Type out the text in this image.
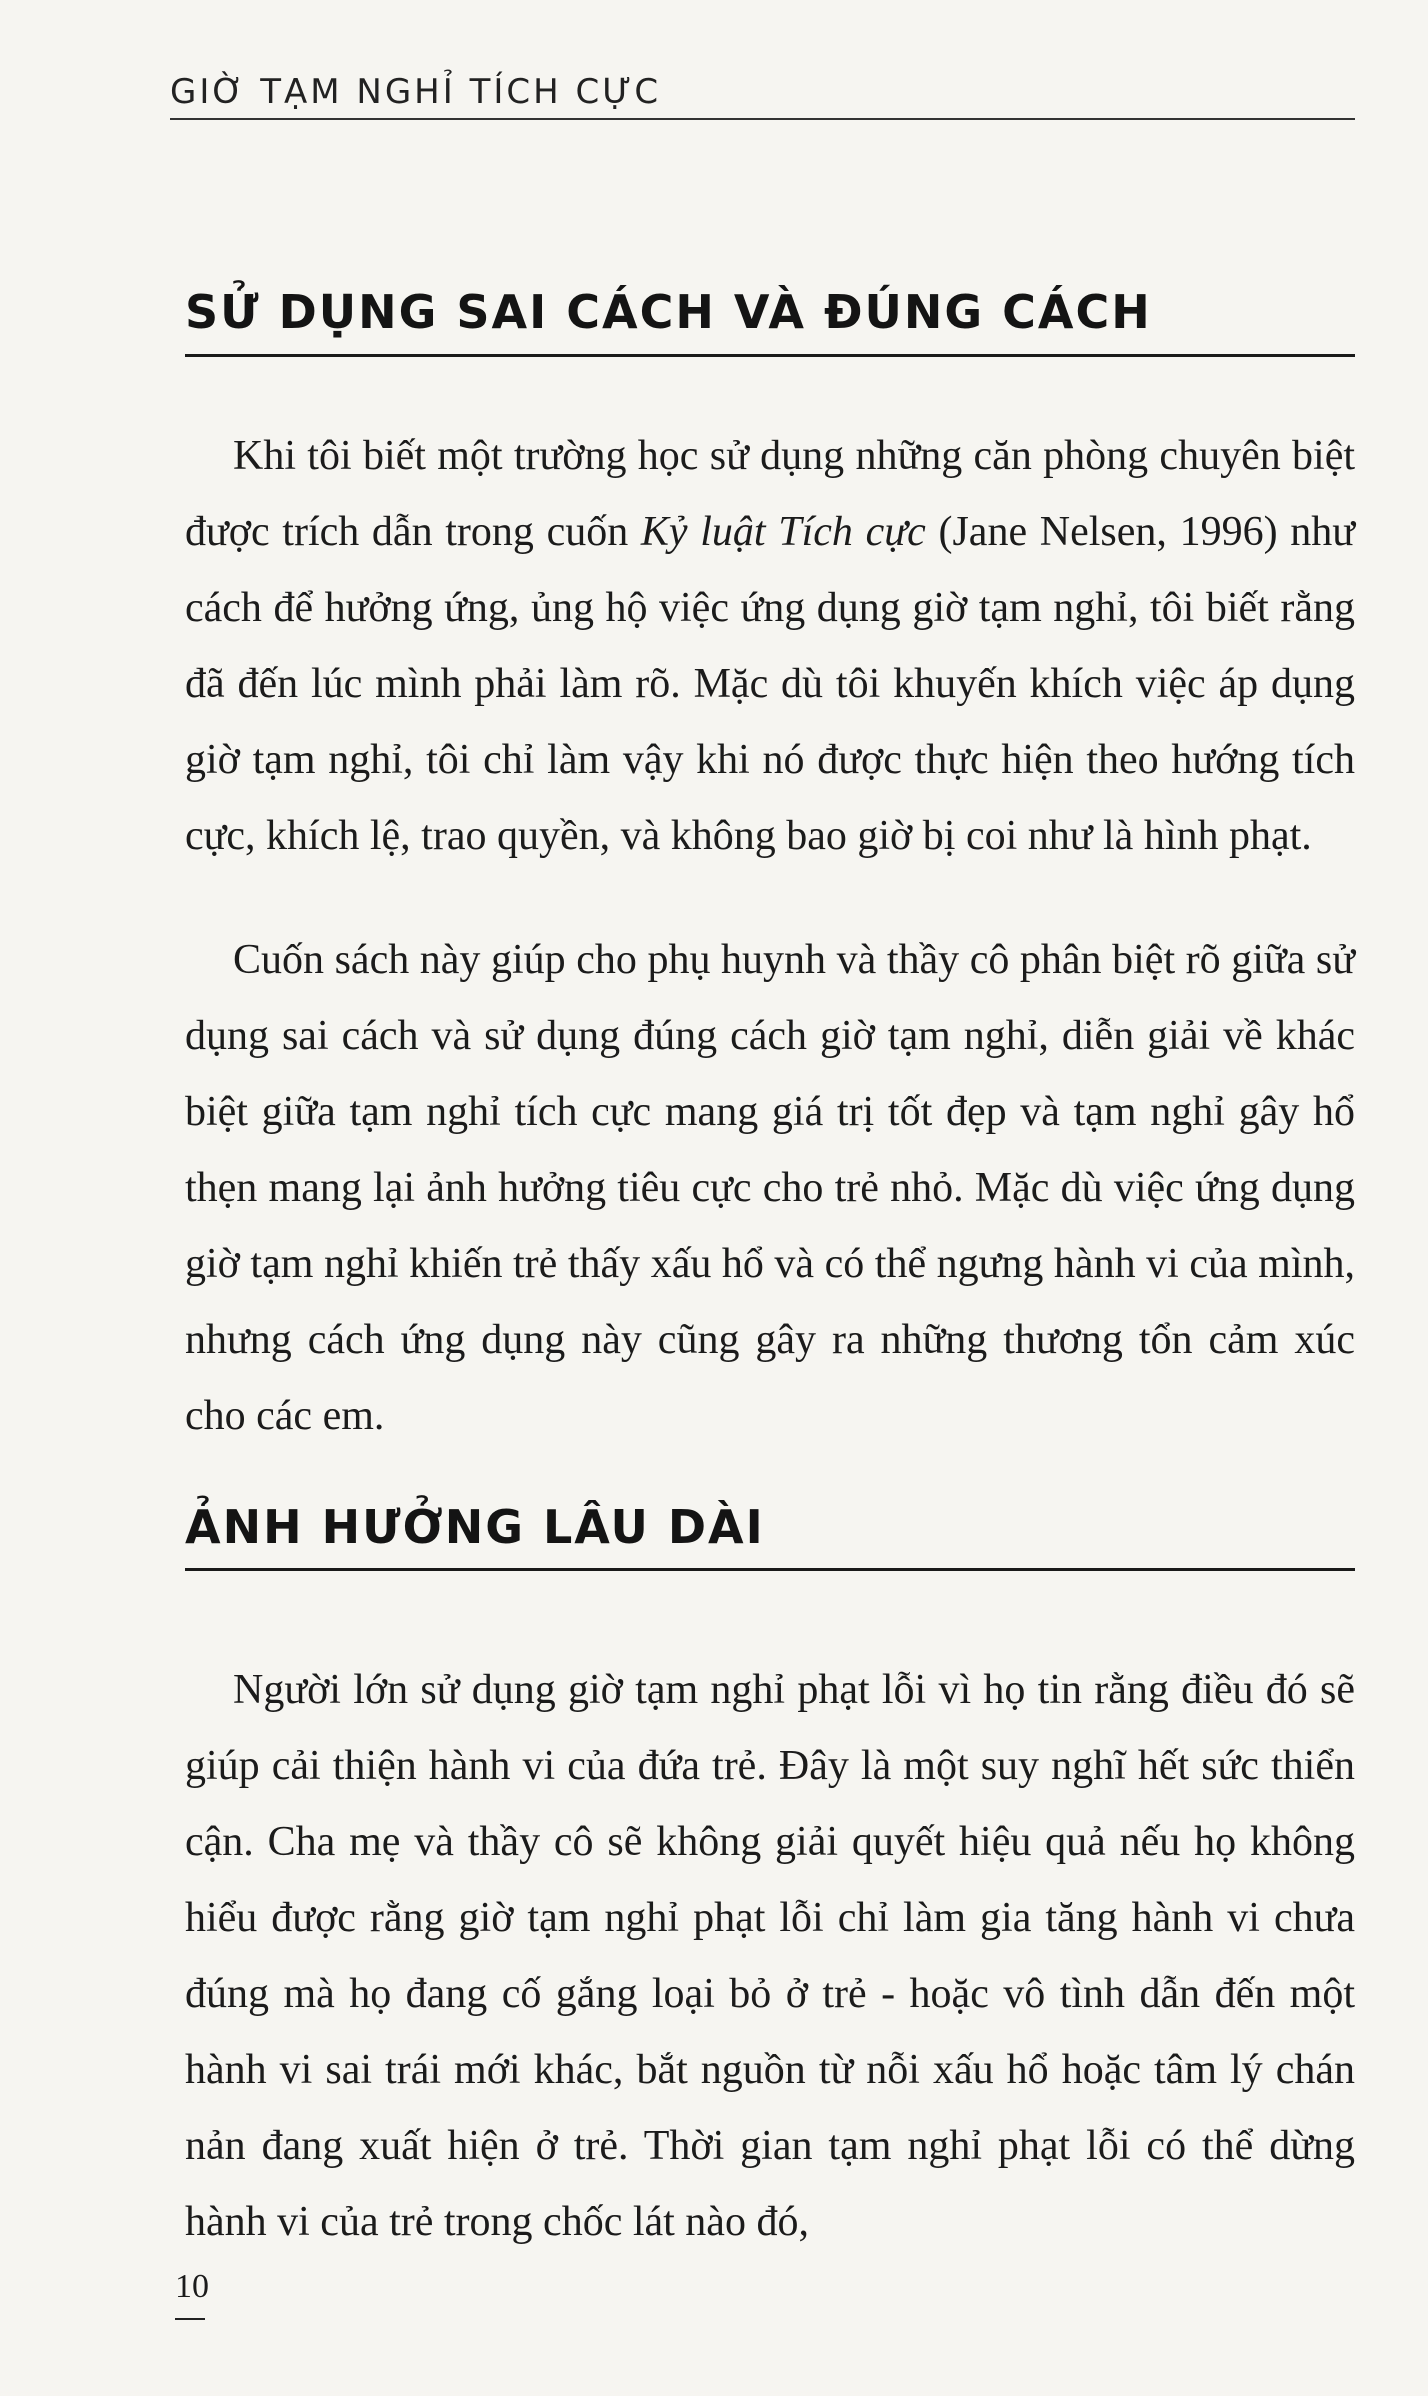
GIỜ TẠM NGHỈ TÍCH CỰC
SỬ DỤNG SAI CÁCH VÀ ĐÚNG CÁCH

Khi tôi biết một trường học sử dụng những căn phòng chuyên biệt được trích dẫn trong cuốn Kỷ luật Tích cực (Jane Nelsen, 1996) như cách để hưởng ứng, ủng hộ việc ứng dụng giờ tạm nghỉ, tôi biết rằng đã đến lúc mình phải làm rõ. Mặc dù tôi khuyến khích việc áp dụng giờ tạm nghỉ, tôi chỉ làm vậy khi nó được thực hiện theo hướng tích cực, khích lệ, trao quyền, và không bao giờ bị coi như là hình phạt.

Cuốn sách này giúp cho phụ huynh và thầy cô phân biệt rõ giữa sử dụng sai cách và sử dụng đúng cách giờ tạm nghỉ, diễn giải về khác biệt giữa tạm nghỉ tích cực mang giá trị tốt đẹp và tạm nghỉ gây hổ thẹn mang lại ảnh hưởng tiêu cực cho trẻ nhỏ. Mặc dù việc ứng dụng giờ tạm nghỉ khiến trẻ thấy xấu hổ và có thể ngưng hành vi của mình, nhưng cách ứng dụng này cũng gây ra những thương tổn cảm xúc cho các em.

ẢNH HƯỞNG LÂU DÀI

Người lớn sử dụng giờ tạm nghỉ phạt lỗi vì họ tin rằng điều đó sẽ giúp cải thiện hành vi của đứa trẻ. Đây là một suy nghĩ hết sức thiển cận. Cha mẹ và thầy cô sẽ không giải quyết hiệu quả nếu họ không hiểu được rằng giờ tạm nghỉ phạt lỗi chỉ làm gia tăng hành vi chưa đúng mà họ đang cố gắng loại bỏ ở trẻ - hoặc vô tình dẫn đến một hành vi sai trái mới khác, bắt nguồn từ nỗi xấu hổ hoặc tâm lý chán nản đang xuất hiện ở trẻ. Thời gian tạm nghỉ phạt lỗi có thể dừng hành vi của trẻ trong chốc lát nào đó,

10
